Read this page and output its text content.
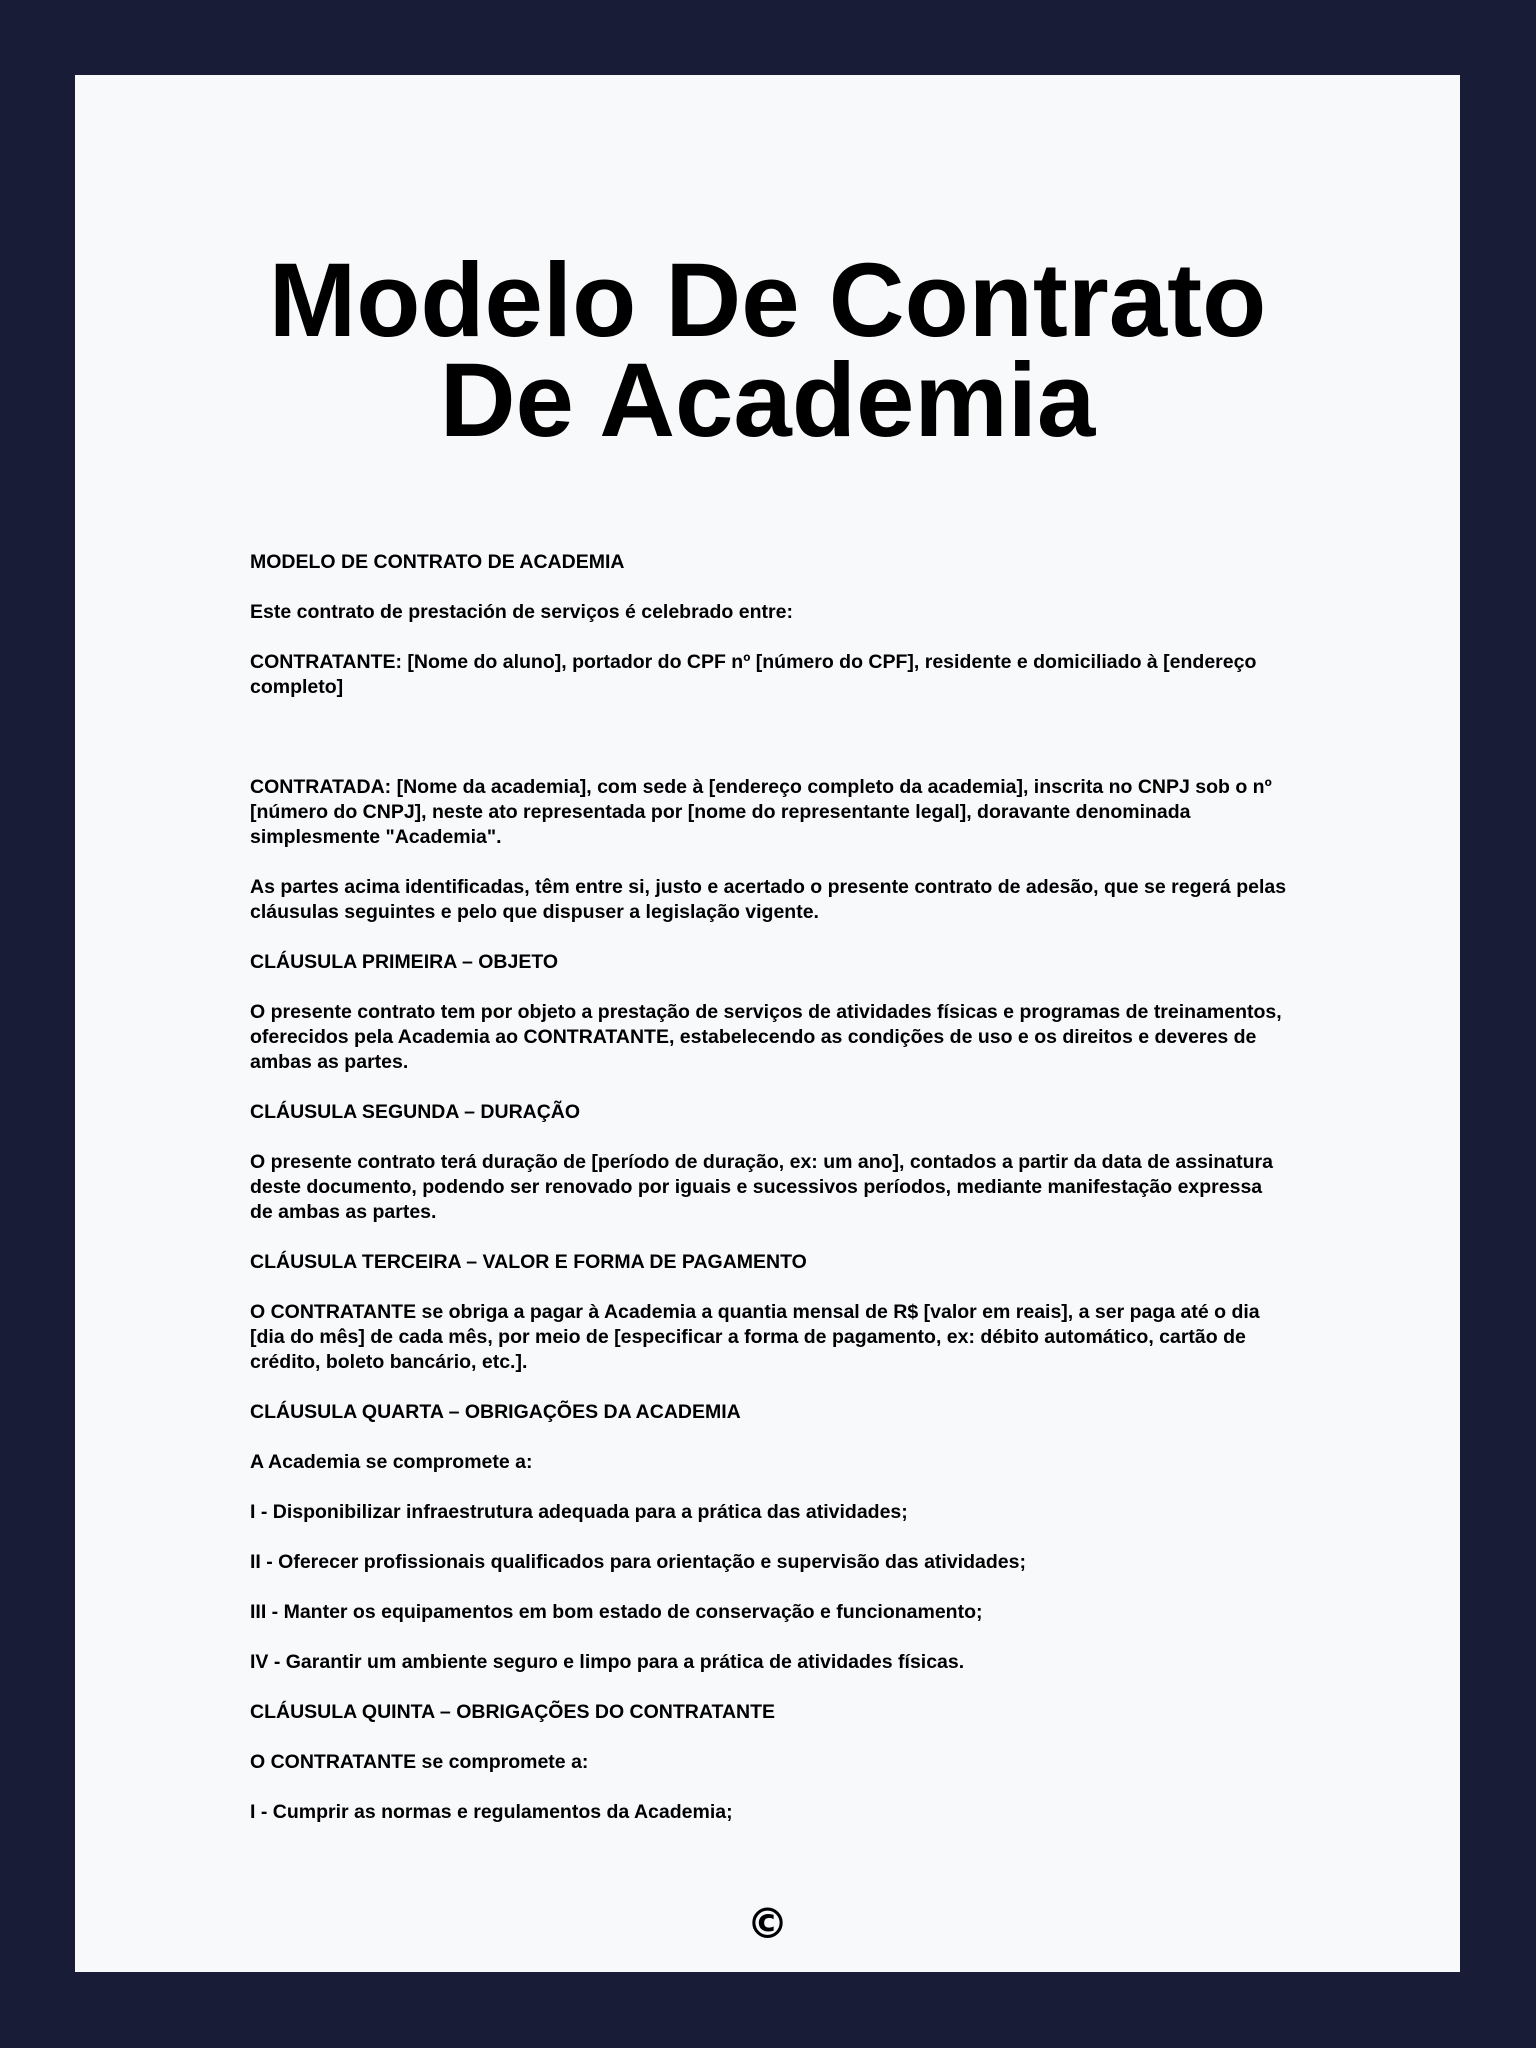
Modelo De Contrato De Academia

MODELO DE CONTRATO DE ACADEMIA

Este contrato de prestación de serviços é celebrado entre:

CONTRATANTE: [Nome do aluno], portador do CPF nº [número do CPF], residente e domiciliado à [endereço completo]

CONTRATADA: [Nome da academia], com sede à [endereço completo da academia], inscrita no CNPJ sob o nº [número do CNPJ], neste ato representada por [nome do representante legal], doravante denominada simplesmente "Academia".

As partes acima identificadas, têm entre si, justo e acertado o presente contrato de adesão, que se regerá pelas cláusulas seguintes e pelo que dispuser a legislação vigente.

CLÁUSULA PRIMEIRA – OBJETO

O presente contrato tem por objeto a prestação de serviços de atividades físicas e programas de treinamentos, oferecidos pela Academia ao CONTRATANTE, estabelecendo as condições de uso e os direitos e deveres de ambas as partes.

CLÁUSULA SEGUNDA – DURAÇÃO

O presente contrato terá duração de [período de duração, ex: um ano], contados a partir da data de assinatura deste documento, podendo ser renovado por iguais e sucessivos períodos, mediante manifestação expressa de ambas as partes.

CLÁUSULA TERCEIRA – VALOR E FORMA DE PAGAMENTO

O CONTRATANTE se obriga a pagar à Academia a quantia mensal de R$ [valor em reais], a ser paga até o dia [dia do mês] de cada mês, por meio de [especificar a forma de pagamento, ex: débito automático, cartão de crédito, boleto bancário, etc.].

CLÁUSULA QUARTA – OBRIGAÇÕES DA ACADEMIA

A Academia se compromete a:

I - Disponibilizar infraestrutura adequada para a prática das atividades;

II - Oferecer profissionais qualificados para orientação e supervisão das atividades;

III - Manter os equipamentos em bom estado de conservação e funcionamento;

IV - Garantir um ambiente seguro e limpo para a prática de atividades físicas.

CLÁUSULA QUINTA – OBRIGAÇÕES DO CONTRATANTE

O CONTRATANTE se compromete a:

I - Cumprir as normas e regulamentos da Academia;

©
